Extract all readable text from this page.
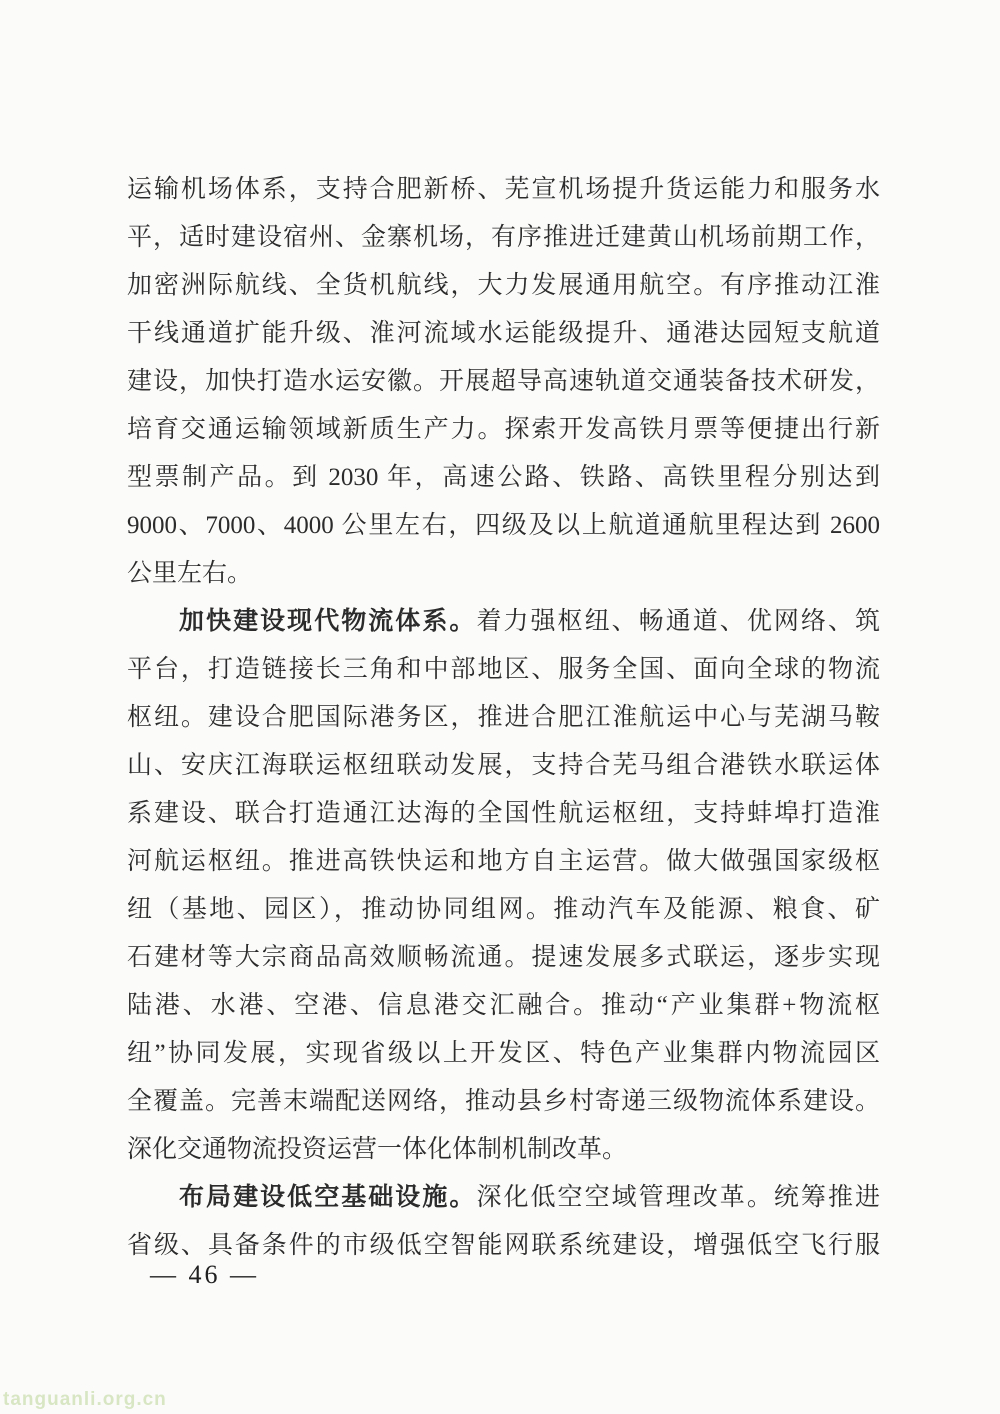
运输机场体系，支持合肥新桥、芜宣机场提升货运能力和服务水
平，适时建设宿州、金寨机场，有序推进迁建黄山机场前期工作，
加密洲际航线、全货机航线，大力发展通用航空。有序推动江淮
干线通道扩能升级、淮河流域水运能级提升、通港达园短支航道
建设，加快打造水运安徽。开展超导高速轨道交通装备技术研发，
培育交通运输领域新质生产力。探索开发高铁月票等便捷出行新
型票制产品。到 2030 年，高速公路、铁路、高铁里程分别达到
9000、7000、4000 公里左右，四级及以上航道通航里程达到 2600
公里左右。
加快建设现代物流体系。着力强枢纽、畅通道、优网络、筑
平台，打造链接长三角和中部地区、服务全国、面向全球的物流
枢纽。建设合肥国际港务区，推进合肥江淮航运中心与芜湖马鞍
山、安庆江海联运枢纽联动发展，支持合芜马组合港铁水联运体
系建设、联合打造通江达海的全国性航运枢纽，支持蚌埠打造淮
河航运枢纽。推进高铁快运和地方自主运营。做大做强国家级枢
纽（基地、园区），推动协同组网。推动汽车及能源、粮食、矿
石建材等大宗商品高效顺畅流通。提速发展多式联运，逐步实现
陆港、水港、空港、信息港交汇融合。推动“产业集群+物流枢
纽”协同发展，实现省级以上开发区、特色产业集群内物流园区
全覆盖。完善末端配送网络，推动县乡村寄递三级物流体系建设。
深化交通物流投资运营一体化体制机制改革。
布局建设低空基础设施。深化低空空域管理改革。统筹推进
省级、具备条件的市级低空智能网联系统建设，增强低空飞行服
— 46 —
tanguanli.org.cn
